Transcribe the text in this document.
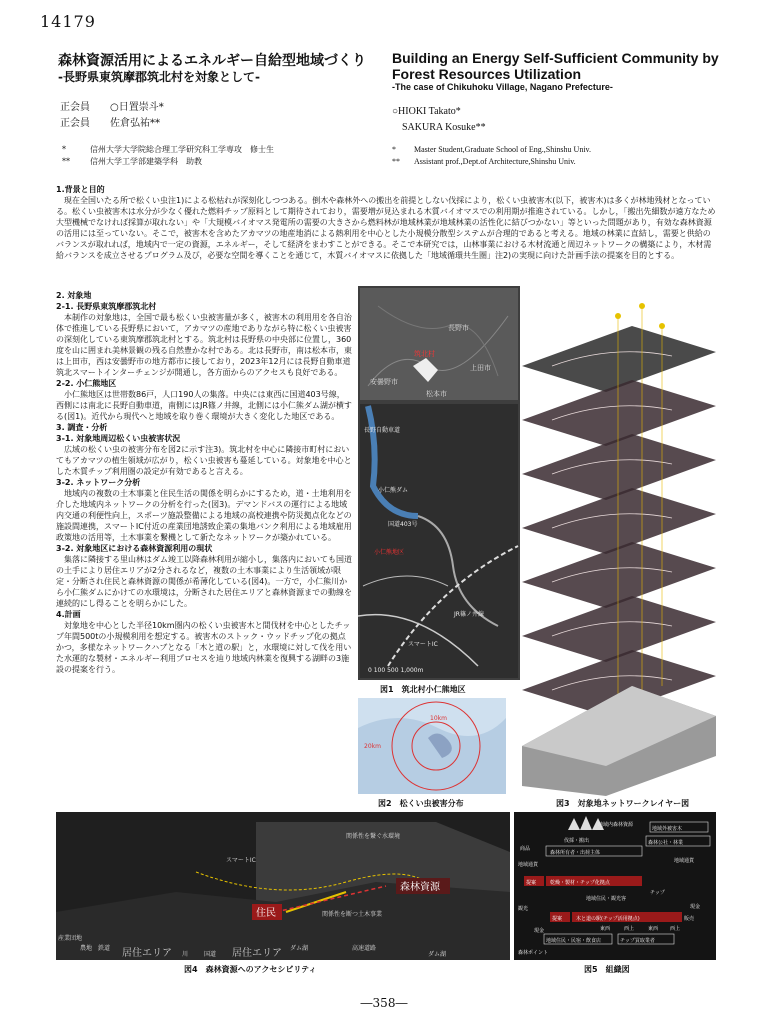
14179
森林資源活用によるエネルギー自給型地域づくり
-長野県東筑摩郡筑北村を対象として-
Building an Energy Self-Sufficient Community by Forest Resources Utilization
-The case of Chikuhoku Village, Nagano Prefecture-
正会員　　 ○日置崇斗*
正会員　　 佐倉弘祐**
○HIOKI Takato*
SAKURA Kosuke**
*	信州大学大学院総合理工学研究科工学専攻　修士生
**	信州大学工学部建築学科　助教
* Master Student,Graduate School of Eng.,Shinshu Univ.
** Assistant prof.,Dept.of Architecture,Shinshu Univ.

1.背景と目的

現在全国いたる所で松くい虫注1)による松枯れが深刻化しつつある。倒木や森林外への搬出を前提としない伐採により，松くい虫被害木(以下，被害木)は多くが林地残材となっている。松くい虫被害木は水分が少なく優れた燃料チップ原料として期待されており，需要増が見込まれる木質バイオマスでの利用期が推進されている。しかし，「搬出先細数が遠方なため大型機械でなければ採算が取れない」や「大規模バイオマス発電所の需要の大きさから燃料林が地域林業が地域林業の活性化に結びつかない」等といった問題があり，有効な森林資源の活用には至っていない。そこで，被害木を含めたアカマツの地産地消による熱利用を中心とした小規模分散型システムが合理的であると考える。地域の林業に直結し，需要と供給のバランスが取れれば，地域内で一定の資源，エネルギー，そして経済をまわすことができる。そこで本研究では，山林事業における木材流通と周辺ネットワークの構築により，木材需給バランスを成立させるプログラム及び，必要な空間を導くことを通じて，木質バイオマスに依拠した「地域循環共生圏」注2)の実現に向けた計画手法の提案を目的とする。

2. 対象地

2-1. 長野県東筑摩郡筑北村

本制作の対象地は，全国で最も松くい虫被害量が多く，被害木の利用用を各自治体で推進している長野県において，アカマツの産地でありながら特に松くい虫被害の深刻化している東筑摩郡筑北村とする。筑北村は長野県の中央部に位置し，360度を山に囲まれ美林景観の残る自然豊かな村である。北は長野市，南は松本市，東は上田市，西は安曇野市の地方都市に接しており，2023年12月には長野自動車道筑北スマートインターチェンジが開通し，各方面からのアクセスも良好である。

2-2. 小仁熊地区

小仁熊地区は世帯数86戸，人口190人の集落。中央には東西に国道403号線，西側には南北に長野自動車道，南側にはJR篠ノ井線，北側には小仁熊ダム湖が横する(図1)。近代から現代へと地域を取り巻く環境が大きく変化した地区である。

3. 調査・分析

3-1. 対象地周辺松くい虫被害状況

広域の松くい虫の被害分布を図2に示す注3)。筑北村を中心に隣接市町村においてもアカマツの植生領域が広がり，松くい虫被害も蔓延している。対象地を中心とした木質チップ利用圏の設定が有効であると言える。

3-2. ネットワーク分析

地域内の複数の土木事業と住民生活の関係を明らかにするため，道・土地利用を介した地域内ネットワークの分析を行った(図3)。デマンドバスの運行による地域内交通の利便性向上，スポーツ施設整備による地域の高校連携や防災拠点化などの施設間連携，スマートIC付近の産業団地誘致企業の集地バンク利用による地域雇用政策地の活用等，土木事業を繋機として新たなネットワークが築かれている。

3-2. 対象地区における森林資源利用の現状

集落に隣接する里山林はダム竣工以降森林利用が縮小し，集落内においても国道の土手により居住エリアが2分されるなど，複数の土木事業により生活領域が限定・分断され住民と森林資源の関係が希薄化している(図4)。一方で，小仁熊川から小仁熊ダムにかけての水環境は，分断された居住エリアと森林資源までの動線を連続的にし得ることを明らかにした。

4.計画

対象地を中心とした半径10km圏内の松くい虫被害木と間伐材を中心としたチップ年間500tの小規模利用を想定する。被害木のストック・ウッドチップ化の拠点かつ，多様なネットワークハブとなる「木と道の駅」と，水環境に対して伐を用いた水運的な製材・エネルギー利用プロセスを辿り地域内林業を復興する湖畔の3施設の提案を行う。

長野市
筑北村
安曇野市
上田市
松本市
長野自動車道
小仁熊ダム
国道403号
小仁熊地区
JR篠ノ井線
スマートIC
0 100 500 1,000m
図1　筑北村小仁熊地区
10km
20km
図2　松くい虫被害分布	図3　対象地ネットワークレイヤー図
関係性を繋ぐ水環境
スマートIC
森林資源
関係性を断つ土木事業
住民
産業団地
農地 鉄道 居住エリア 川	国道 居住エリア ダム湖	高速道路
ダム湖
図4　森林資源へのアクセシビリティ
地域内森林資源
地域外被害木
伐採・搬出	森林公社・林業
商品
森林所有者・出荷主体
地域通貨
地域通貨
提案	乾燥・製材・チップ化拠点
チップ
地域住民・観光客
提案	木と道の駅(チップ活用拠点)	販売
地域住民・民宿・飲食店	チップ買取業者
東西	西上	東西 西上
観光
現金
現金
森林ポイント
図5　組織図
―358―
